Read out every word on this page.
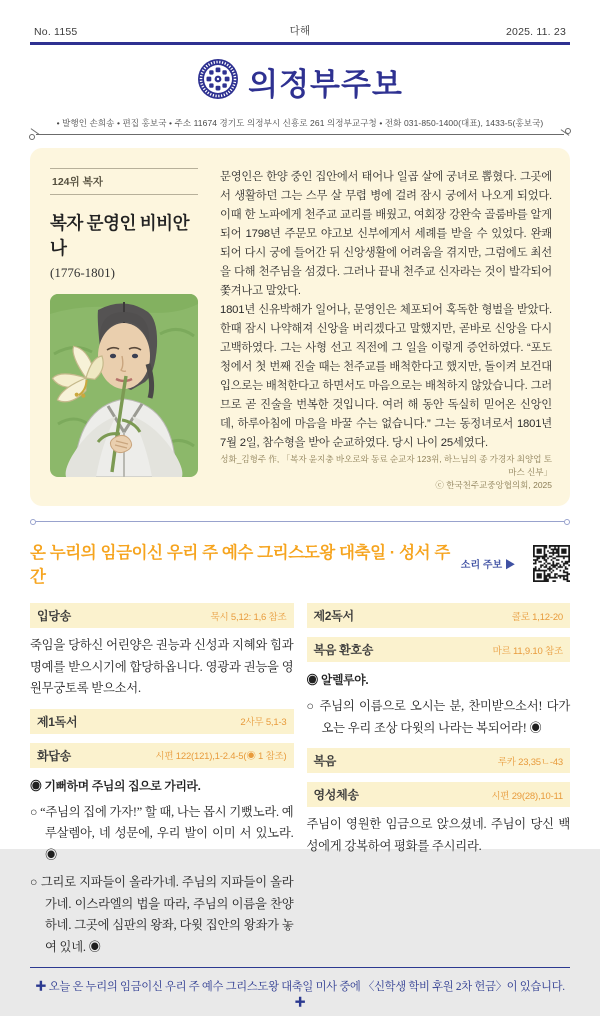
No. 1155	다해	2025. 11. 23
의정부주보
• 발행인 손희송 • 편집 홍보국 • 주소 11674 경기도 의정부시 신흥로 261 의정부교구청 • 전화 031-850-1400(대표), 1433-5(홍보국)
124위 복자
복자 문영인 비비안나
(1776-1801)

문영인은 한양 중인 집안에서 태어나 일곱 살에 궁녀로 뽑혔다. 그곳에서 생활하던 그는 스무 살 무렵 병에 걸려 잠시 궁에서 나오게 되었다. 이때 한 노파에게 천주교 교리를 배웠고, 여회장 강완숙 골룸바를 알게 되어 1798년 주문모 야고보 신부에게서 세례를 받을 수 있었다. 완쾌되어 다시 궁에 들어간 뒤 신앙생활에 어려움을 겪지만, 그럼에도 최선을 다해 천주님을 섬겼다. 그러나 끝내 천주교 신자라는 것이 발각되어 쫓겨나고 말았다.

1801년 신유박해가 일어나, 문영인은 체포되어 혹독한 형벌을 받았다. 한때 잠시 나약해져 신앙을 버리겠다고 말했지만, 곧바로 신앙을 다시 고백하였다. 그는 사형 선고 직전에 그 일을 이렇게 증언하였다. “포도청에서 첫 번째 진술 때는 천주교를 배척한다고 했지만, 돌이켜 보건대 입으로는 배척한다고 하면서도 마음으로는 배척하지 않았습니다. 그러므로 곧 진술을 번복한 것입니다. 여러 해 동안 독실히 믿어온 신앙인데, 하루아침에 마음을 바꿀 수는 없습니다.” 그는 동정녀로서 1801년 7월 2일, 참수형을 받아 순교하였다. 당시 나이 25세였다.

성화_김형주 作, 「복자 윤지충 바오로와 동료 순교자 123위, 하느님의 종 가경자 최양업 토마스 신부」
ⓒ 한국천주교중앙협의회, 2025
온 누리의 임금이신 우리 주 예수 그리스도왕 대축일 · 성서 주간
소리 주보 ▶
입당송	묵시 5,12: 1,6 참조
죽임을 당하신 어린양은 권능과 신성과 지혜와 힘과 명예를 받으시기에 합당하옵니다. 영광과 권능을 영원무궁토록 받으소서.
제1독서	2사무 5,1-3
화답송	시편 122(121),1-2.4-5(◉ 1 참조)
◉ 기뻐하며 주님의 집으로 가리라.
○ “주님의 집에 가자!” 할 때, 나는 몹시 기뻤노라. 예루살렘아, 네 성문에, 우리 발이 이미 서 있노라. ◉
○ 그리로 지파들이 올라가네. 주님의 지파들이 올라가네. 이스라엘의 법을 따라, 주님의 이름을 찬양하네. 그곳에 심판의 왕좌, 다윗 집안의 왕좌가 놓여 있네. ◉
제2독서	콜로 1,12-20
복음 환호송	마르 11,9.10 참조
◉ 알렐루야.
○ 주님의 이름으로 오시는 분, 찬미받으소서! 다가오는 우리 조상 다윗의 나라는 복되어라! ◉
복음	루카 23,35ㄴ-43
영성체송	시편 29(28),10-11
주님이 영원한 임금으로 앉으셨네. 주님이 당신 백성에게 강복하여 평화를 주시리라.
✚ 오늘 온 누리의 임금이신 우리 주 예수 그리스도왕 대축일 미사 중에 〈신학생 학비 후원 2차 헌금〉이 있습니다. ✚
